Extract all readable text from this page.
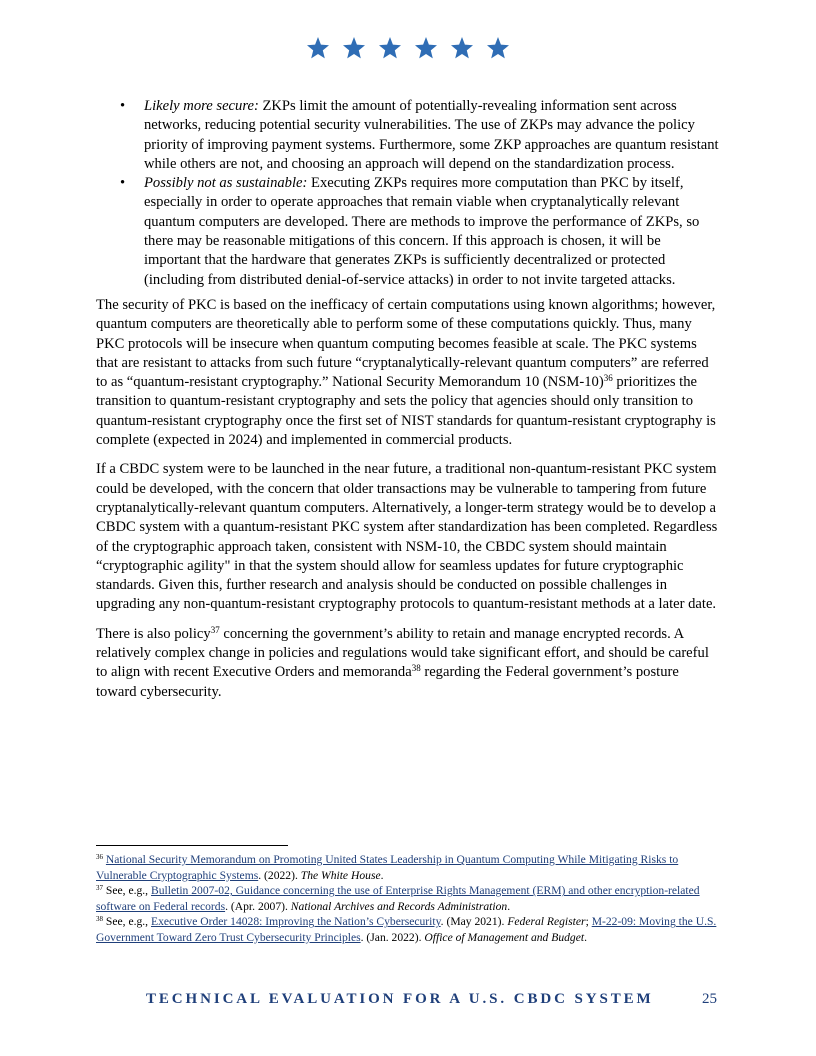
• Likely more secure: ZKPs limit the amount of potentially-revealing information sent across networks, reducing potential security vulnerabilities. The use of ZKPs may advance the policy priority of improving payment systems. Furthermore, some ZKP approaches are quantum resistant while others are not, and choosing an approach will depend on the standardization process.
• Possibly not as sustainable: Executing ZKPs requires more computation than PKC by itself, especially in order to operate approaches that remain viable when cryptanalytically relevant quantum computers are developed. There are methods to improve the performance of ZKPs, so there may be reasonable mitigations of this concern. If this approach is chosen, it will be important that the hardware that generates ZKPs is sufficiently decentralized or protected (including from distributed denial-of-service attacks) in order to not invite targeted attacks.

The security of PKC is based on the inefficacy of certain computations using known algorithms; however, quantum computers are theoretically able to perform some of these computations quickly. Thus, many PKC protocols will be insecure when quantum computing becomes feasible at scale. The PKC systems that are resistant to attacks from such future “cryptanalytically-relevant quantum computers” are referred to as “quantum-resistant cryptography.” National Security Memorandum 10 $(NSM-10)^{36}$ prioritizes the transition to quantum-resistant cryptography and sets the policy that agencies should only transition to quantum-resistant cryptography once the first set of NIST standards for quantum-resistant cryptography is complete (expected in 2024) and implemented in commercial products.

If a CBDC system were to be launched in the near future, a traditional non-quantum-resistant PKC system could be developed, with the concern that older transactions may be vulnerable to tampering from future cryptanalytically-relevant quantum computers. Alternatively, a longer-term strategy would be to develop a CBDC system with a quantum-resistant PKC system after standardization has been completed. Regardless of the cryptographic approach taken, consistent with NSM-10, the CBDC system should maintain “cryptographic agility" in that the system should allow for seamless updates for future cryptographic standards. Given this, further research and analysis should be conducted on possible challenges in upgrading any non-quantum-resistant cryptography protocols to quantum-resistant methods at a later date.

There is also policy$^{37}$ concerning the government’s ability to retain and manage encrypted records. A relatively complex change in policies and regulations would take significant effort, and should be careful to align with recent Executive Orders and memoranda$^{38}$ regarding the Federal government’s posture toward cybersecurity.

$^{36}$ National Security Memorandum on Promoting United States Leadership in Quantum Computing While Mitigating Risks to Vulnerable Cryptographic Systems. (2022). The White House.
$^{37}$ See, e.g., Bulletin 2007-02, Guidance concerning the use of Enterprise Rights Management (ERM) and other encryption-related software on Federal records. (Apr. 2007). National Archives and Records Administration.
$^{38}$ See, e.g., Executive Order 14028: Improving the Nation’s Cybersecurity. (May 2021). Federal Register; M-22-09: Moving the U.S. Government Toward Zero Trust Cybersecurity Principles. (Jan. 2022). Office of Management and Budget.
TECHNICAL EVALUATION FOR A U.S. CBDC SYSTEM	25
